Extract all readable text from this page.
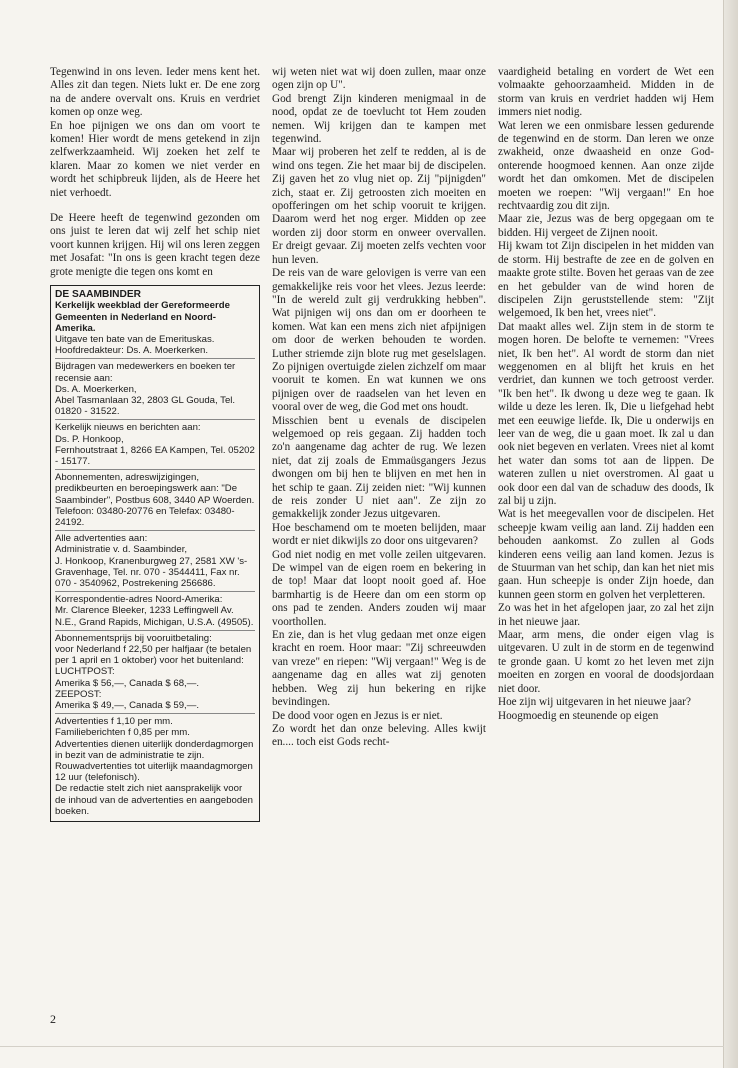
Tegenwind in ons leven. Ieder mens kent het. Alles zit dan tegen. Niets lukt er. De ene zorg na de andere overvalt ons. Kruis en verdriet komen op onze weg.

En hoe pijnigen we ons dan om voort te komen! Hier wordt de mens getekend in zijn zelfwerkzaamheid. Wij zoeken het zelf te klaren. Maar zo komen we niet verder en wordt het schipbreuk lijden, als de Heere het niet verhoedt.

De Heere heeft de tegenwind gezonden om ons juist te leren dat wij zelf het schip niet voort kunnen krijgen. Hij wil ons leren zeggen met Josafat: "In ons is geen kracht tegen deze grote menigte die tegen ons komt en

DE SAAMBINDER
Kerkelijk weekblad der Gereformeerde Gemeenten in Nederland en Noord-Amerika.
Uitgave ten bate van de Emerituskas.
Hoofdredakteur: Ds. A. Moerkerken.
Bijdragen van medewerkers en boeken ter recensie aan:
Ds. A. Moerkerken,
Abel Tasmanlaan 32, 2803 GL Gouda, Tel. 01820 - 31522.
Kerkelijk nieuws en berichten aan:
Ds. P. Honkoop,
Fernhoutstraat 1, 8266 EA Kampen, Tel. 05202 - 15177.
Abonnementen, adreswijzigingen, predikbeurten en beroepingswerk aan: "De Saambinder", Postbus 608, 3440 AP Woerden. Telefoon: 03480-20776 en Telefax: 03480-24192.
Alle advertenties aan:
Administratie v. d. Saambinder,
J. Honkoop, Kranenburgweg 27, 2581 XW 's-Gravenhage, Tel. nr. 070 - 3544411, Fax nr. 070 - 3540962, Postrekening 256686.
Korrespondentie-adres Noord-Amerika:
Mr. Clarence Bleeker, 1233 Leffingwell Av. N.E., Grand Rapids, Michigan, U.S.A. (49505).
Abonnementsprijs bij vooruitbetaling:
voor Nederland f 22,50 per halfjaar (te betalen per 1 april en 1 oktober) voor het buitenland:
LUCHTPOST:
Amerika $ 56,—, Canada $ 68,—.
ZEEPOST:
Amerika $ 49,—, Canada $ 59,—.
Advertenties f 1,10 per mm.
Familieberichten f 0,85 per mm.
Advertenties dienen uiterlijk donderdagmorgen in bezit van de administratie te zijn.
Rouwadvertenties tot uiterlijk maandagmorgen 12 uur (telefonisch).
De redactie stelt zich niet aansprakelijk voor de inhoud van de advertenties en aangeboden boeken.

wij weten niet wat wij doen zullen, maar onze ogen zijn op U".

God brengt Zijn kinderen menigmaal in de nood, opdat ze de toevlucht tot Hem zouden nemen. Wij krijgen dan te kampen met tegenwind.

Maar wij proberen het zelf te redden, al is de wind ons tegen. Zie het maar bij de discipelen. Zij gaven het zo vlug niet op. Zij "pijnigden" zich, staat er. Zij getroosten zich moeiten en opofferingen om het schip vooruit te krijgen. Daarom werd het nog erger. Midden op zee worden zij door storm en onweer overvallen. Er dreigt gevaar. Zij moeten zelfs vechten voor hun leven.

De reis van de ware gelovigen is verre van een gemakkelijke reis voor het vlees. Jezus leerde: "In de wereld zult gij verdrukking hebben". Wat pijnigen wij ons dan om er doorheen te komen. Wat kan een mens zich niet afpijnigen om door de werken behouden te worden. Luther striemde zijn blote rug met geselslagen. Zo pijnigen overtuigde zielen zichzelf om maar vooruit te komen. En wat kunnen we ons pijnigen over de raadselen van het leven en vooral over de weg, die God met ons houdt.

Misschien bent u evenals de discipelen welgemoed op reis gegaan. Zij hadden toch zo'n aangename dag achter de rug. We lezen niet, dat zij zoals de Emmaüsgangers Jezus dwongen om bij hen te blijven en met hen in het schip te gaan. Zij zeiden niet: "Wij kunnen de reis zonder U niet aan". Ze zijn zo gemakkelijk zonder Jezus uitgevaren.

Hoe beschamend om te moeten belijden, maar wordt er niet dikwijls zo door ons uitgevaren?

God niet nodig en met volle zeilen uitgevaren. De wimpel van de eigen roem en bekering in de top! Maar dat loopt nooit goed af. Hoe barmhartig is de Heere dan om een storm op ons pad te zenden. Anders zouden wij maar voorthollen.

En zie, dan is het vlug gedaan met onze eigen kracht en roem. Hoor maar: "Zij schreeuwden van vreze" en riepen: "Wij vergaan!" Weg is de aangename dag en alles wat zij genoten hebben. Weg zij hun bekering en rijke bevindingen.

De dood voor ogen en Jezus is er niet.

Zo wordt het dan onze beleving. Alles kwijt en.... toch eist Gods recht-

vaardigheid betaling en vordert de Wet een volmaakte gehoorzaamheid. Midden in de storm van kruis en verdriet hadden wij Hem immers niet nodig.

Wat leren we een onmisbare lessen gedurende de tegenwind en de storm. Dan leren we onze zwakheid, onze dwaasheid en onze God-onterende hoogmoed kennen. Aan onze zijde wordt het dan omkomen. Met de discipelen moeten we roepen: "Wij vergaan!" En hoe rechtvaardig zou dit zijn.

Maar zie, Jezus was de berg opgegaan om te bidden. Hij vergeet de Zijnen nooit.

Hij kwam tot Zijn discipelen in het midden van de storm. Hij bestrafte de zee en de golven en maakte grote stilte. Boven het geraas van de zee en het gebulder van de wind horen de discipelen Zijn geruststellende stem: "Zijt welgemoed, Ik ben het, vrees niet".

Dat maakt alles wel. Zijn stem in de storm te mogen horen. De belofte te vernemen: "Vrees niet, Ik ben het". Al wordt de storm dan niet weggenomen en al blijft het kruis en het verdriet, dan kunnen we toch getroost verder. "Ik ben het". Ik dwong u deze weg te gaan. Ik wilde u deze les leren. Ik, Die u liefgehad hebt met een eeuwige liefde. Ik, Die u onderwijs en leer van de weg, die u gaan moet. Ik zal u dan ook niet begeven en verlaten. Vrees niet al komt het water dan soms tot aan de lippen. De wateren zullen u niet overstromen. Al gaat u ook door een dal van de schaduw des doods, Ik zal bij u zijn.

Wat is het meegevallen voor de discipelen. Het scheepje kwam veilig aan land. Zij hadden een behouden aankomst. Zo zullen al Gods kinderen eens veilig aan land komen. Jezus is de Stuurman van het schip, dan kan het niet mis gaan. Hun scheepje is onder Zijn hoede, dan kunnen geen storm en golven het verpletteren.

Zo was het in het afgelopen jaar, zo zal het zijn in het nieuwe jaar.

Maar, arm mens, die onder eigen vlag is uitgevaren. U zult in de storm en de tegenwind te gronde gaan. U komt zo het leven met zijn moeiten en zorgen en vooral de doodsjordaan niet door.

Hoe zijn wij uitgevaren in het nieuwe jaar?

Hoogmoedig en steunende op eigen

2
